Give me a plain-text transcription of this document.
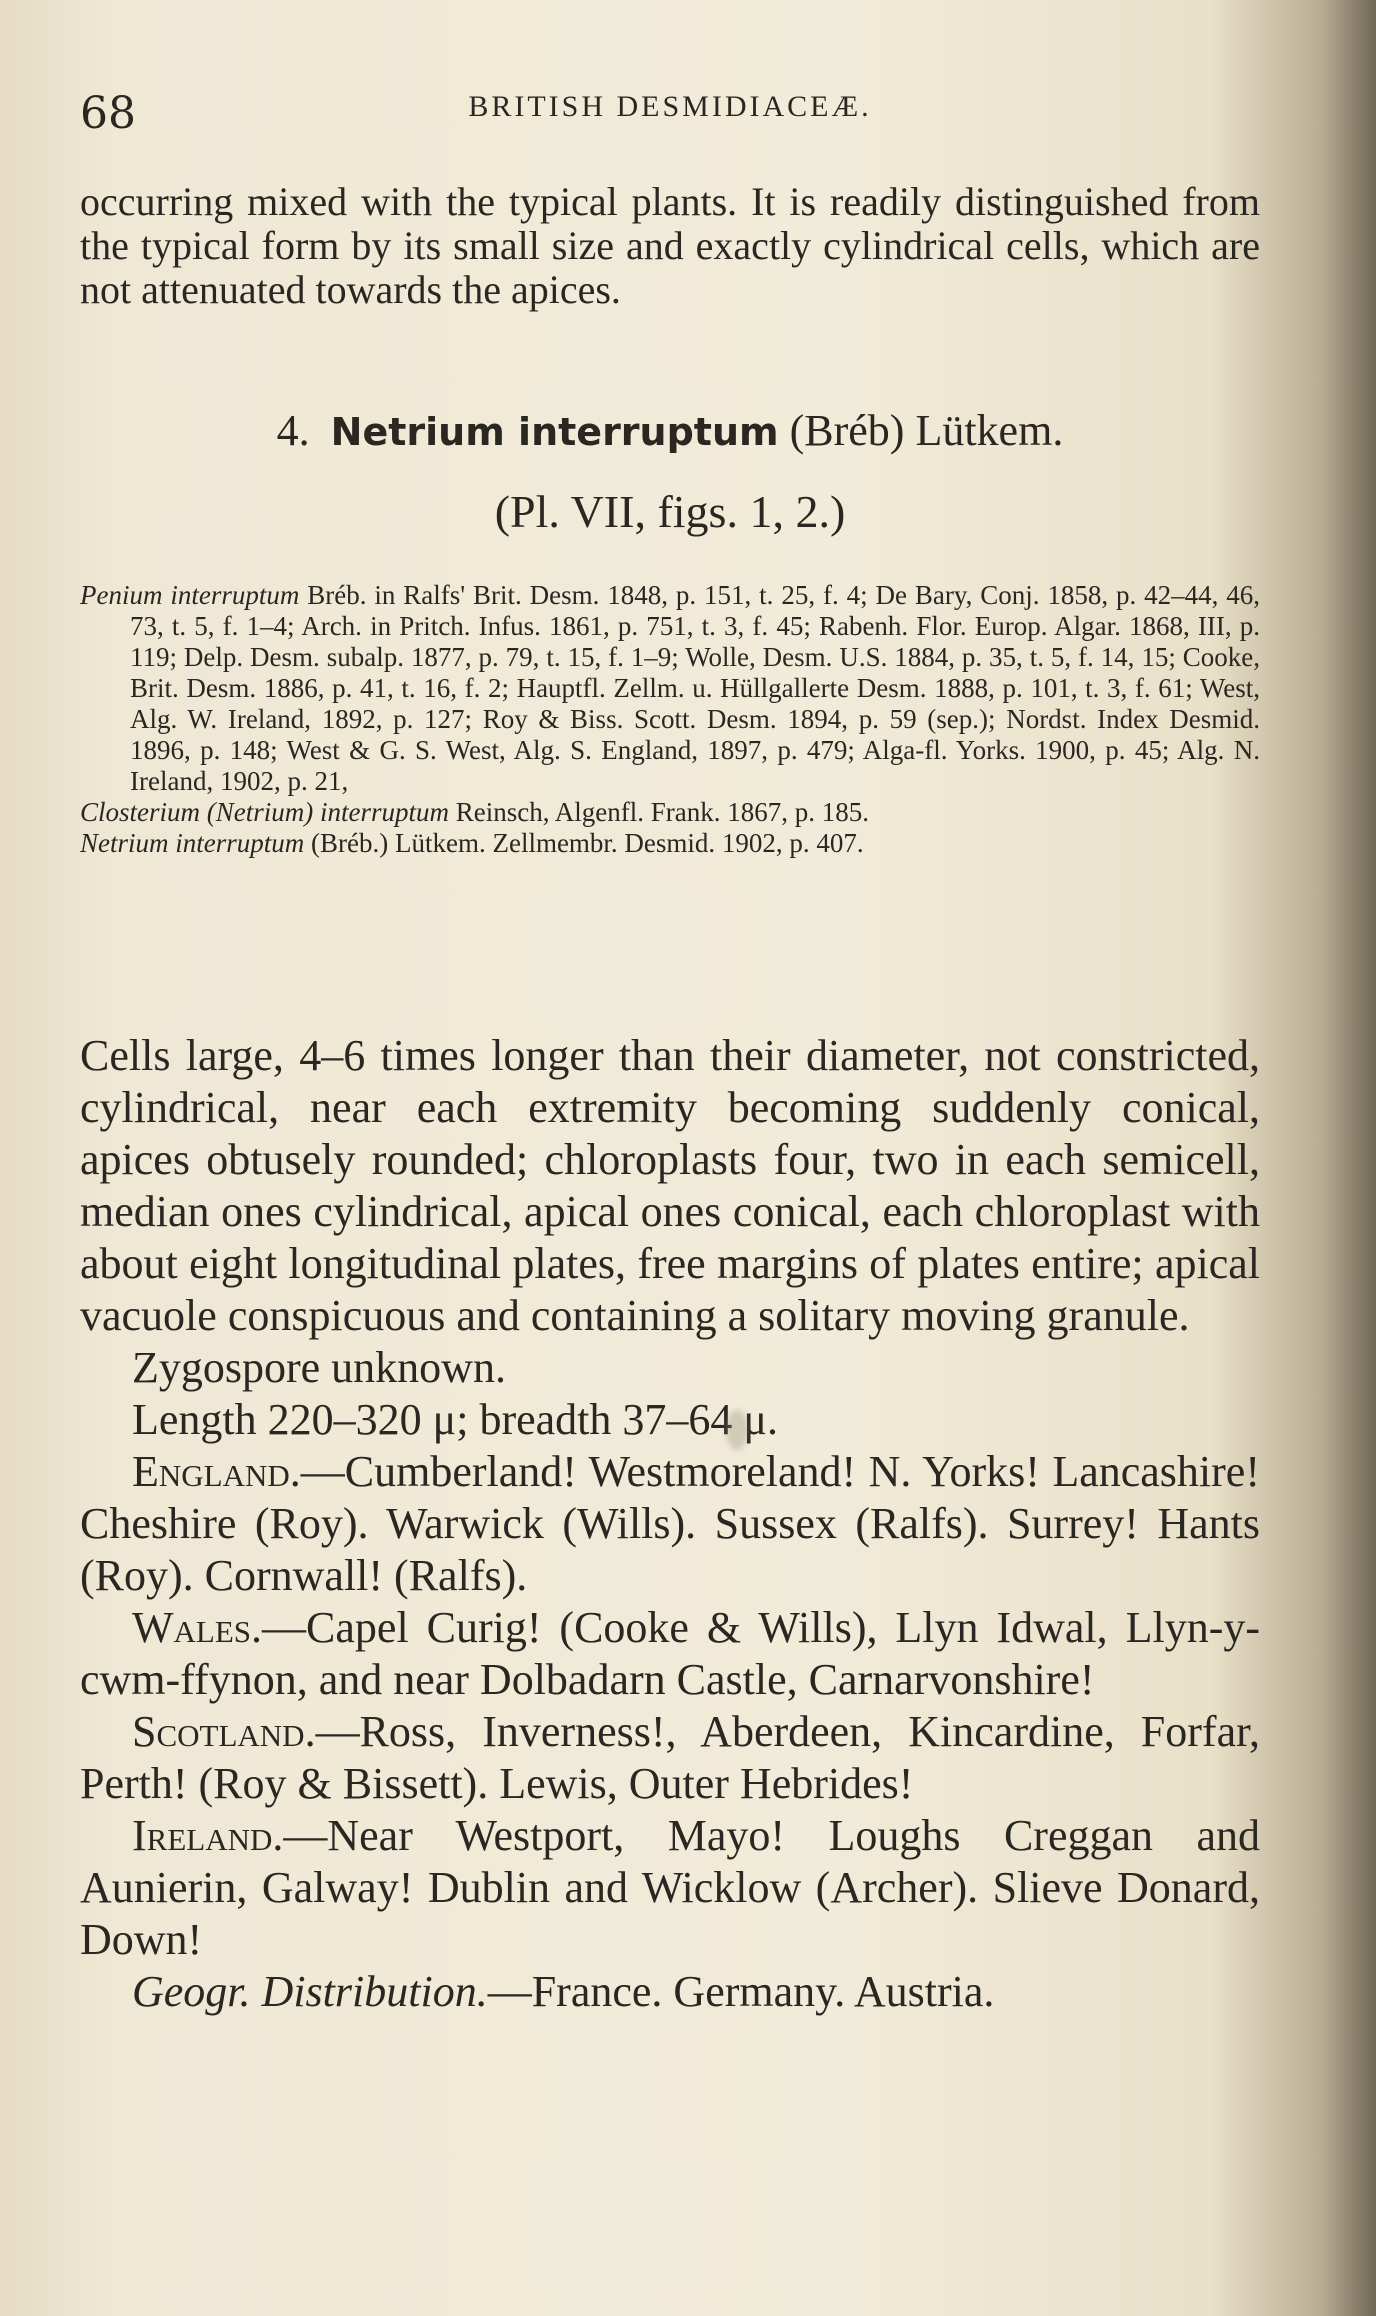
68	BRITISH DESMIDIACEÆ.
occurring mixed with the typical plants. It is readily distinguished from the typical form by its small size and exactly cylindrical cells, which are not attenuated towards the apices.
4. Netrium interruptum (Bréb) Lütkem.
(Pl. VII, figs. 1, 2.)

Penium interruptum Bréb. in Ralfs' Brit. Desm. 1848, p. 151, t. 25, f. 4; De Bary, Conj. 1858, p. 42–44, 46, 73, t. 5, f. 1–4; Arch. in Pritch. Infus. 1861, p. 751, t. 3, f. 45; Rabenh. Flor. Europ. Algar. 1868, III, p. 119; Delp. Desm. subalp. 1877, p. 79, t. 15, f. 1–9; Wolle, Desm. U.S. 1884, p. 35, t. 5, f. 14, 15; Cooke, Brit. Desm. 1886, p. 41, t. 16, f. 2; Hauptfl. Zellm. u. Hüllgallerte Desm. 1888, p. 101, t. 3, f. 61; West, Alg. W. Ireland, 1892, p. 127; Roy & Biss. Scott. Desm. 1894, p. 59 (sep.); Nordst. Index Desmid. 1896, p. 148; West & G. S. West, Alg. S. England, 1897, p. 479; Alga-fl. Yorks. 1900, p. 45; Alg. N. Ireland, 1902, p. 21,

Closterium (Netrium) interruptum Reinsch, Algenfl. Frank. 1867, p. 185.

Netrium interruptum (Bréb.) Lütkem. Zellmembr. Desmid. 1902, p. 407.

Cells large, 4–6 times longer than their diameter, not constricted, cylindrical, near each extremity becoming suddenly conical, apices obtusely rounded; chloroplasts four, two in each semicell, median ones cylindrical, apical ones conical, each chloroplast with about eight longitudinal plates, free margins of plates entire; apical vacuole conspicuous and containing a solitary moving granule.

Zygospore unknown.

Length 220–320 μ; breadth 37–64 μ.

England.—Cumberland! Westmoreland! N. Yorks! Lancashire! Cheshire (Roy). Warwick (Wills). Sussex (Ralfs). Surrey! Hants (Roy). Cornwall! (Ralfs).

Wales.—Capel Curig! (Cooke & Wills), Llyn Idwal, Llyn-y-cwm-ffynon, and near Dolbadarn Castle, Carnarvonshire!

Scotland.—Ross, Inverness!, Aberdeen, Kincardine, Forfar, Perth! (Roy & Bissett). Lewis, Outer Hebrides!

Ireland.—Near Westport, Mayo! Loughs Creggan and Aunierin, Galway! Dublin and Wicklow (Archer). Slieve Donard, Down!

Geogr. Distribution.—France. Germany. Austria.
